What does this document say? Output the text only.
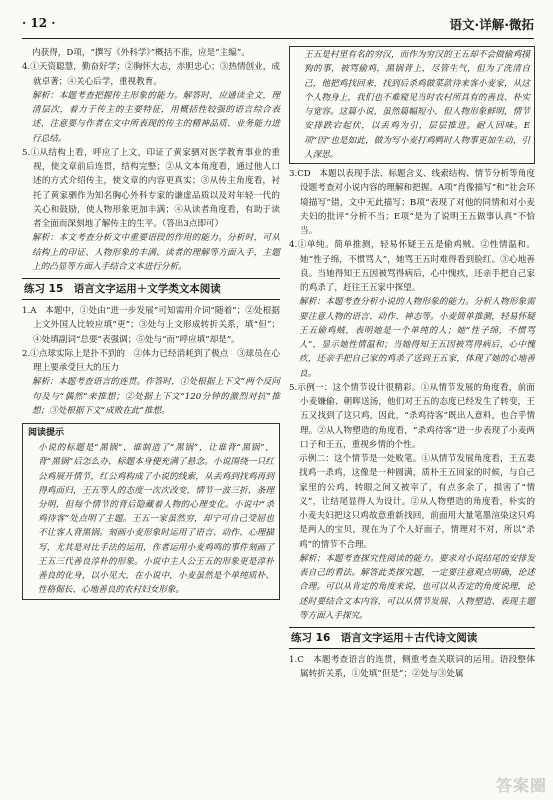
· 12 ·	语文·详解·微拓

内获得，D项，“撰写《外科学》”概括不准，应是“主编”。

4.①天资聪慧，勤奋好学；②胸怀大志，赤胆忠心；③热情创业，成就卓著；④关心后学，重视教育。

解析：本题考查把握传主形象的能力。解答时，应通读全文，理清层次，着力于传主的主要特征，用概括性较强的语言综合表述，注意要与作者在文中所表现的传主的精神品质、业务能力进行总结。

5.①从结构上看，呼应了上文，印证了黄家驷对医学教育事业的重视，使文章前后连贯，结构完整；②从文本角度看，通过他人口述的方式介绍传主，使文章的内容更真实；③从传主角度看，衬托了黄家驷作为知名胸心外科专家的谦虚品质以及对年轻一代的关心和鼓励，使人物形象更加丰满；④从读者角度看，有助于读者全面而深刻地了解传主的生平。（答出3点即可）

解析：本文考查分析文中重要语段的作用的能力。分析时，可从结构上的印证、人物形象的丰满、读者的理解等方面入手，主题上的凸显等方面入手结合文本进行分析。

练习 15　语言文字运用＋文学类文本阅读

1.A　本题中，①处由“进一步发展”可知需用介词“随着”；②处根据上文外国人比较应填“更”；③处与上文形成转折关系，填“但”；④处填副词“总要”表强调；⑤处与“而”呼应填“却是”。

2.①点球实际上是扑不到的　②体力已经消耗到了极点　③球员在心理上要承受巨大的压力

解析：本题考查语言的连贯。作答时，①处根据上下文“两个反问句及与“偶然”来推想；②处据上下文“120分钟的激烈对抗”推想；③处根据下文“成败在此”推想。

阅读提示

小说的标题是“黑锅”，谁制造了“黑锅”，让谁背“黑锅”，背“黑锅”后怎么办，标题本身便充满了悬念。小说围绕一只红公鸡展开情节，红公鸡构成了小说的线索，从丢鸡到找鸡再到得鸡而归，王五等人的态度一次次改变，情节一波三折，条理分明，但每个情节的背后隐藏着人物的心理变化。小说中“杀鸡待客”处点明了主题。王五一家虽然穷，却宁可自己受屈也不让客人背黑锅。刻画小麦形象时运用了语言、动作、心理描写，尤其是对比手法的运用，作者运用小麦鸡鸣的事件刻画了王五三代善良淳朴的形象。小说中主人公王五的形象更是淳朴善良的化身，以小见大，在小说中，小麦虽然是个单纯质朴、性格倔长、心地善良的农村妇女形象。

王五是村里有名的穷汉，而作为穷汉的王五却不会做偷鸡摸狗的事，被骂偷鸡，黑锅背上，尽管生气，但为了洗清自己，他把鸡找回来，找到后杀鸡做菜款待来客小麦家，从这个人物身上，我们也不难窥见当时农村所具有的善良、朴实与宽容。这篇小说，虽然篇幅短小，但人物形象鲜明，情节安排跌宕起伏，以丢鸡为引，层层推进。耐人回味。E项“因”也是如此，做为写小麦打鸡鸭时人物事更加生动，引人深思。

3.CD　本题以表现手法、标题含义、线索结构、情节分析等角度设题考查对小说内容的理解和把握。A项“肖像描写”和“社会环境描写”错，文中无此描写；B项“表现了对他的同情和对小麦夫妇的批评”分析不当；E项“是为了说明王五做事认真”不恰当。

4.①单纯。简单推测，轻易怀疑王五是偷鸡贼。②性情温和。她“性子绵，不惯骂人”，她骂王五时难得看到脸红。③心地善良。当她得知王五因被骂得病后，心中愧疚，还亲手把自己家的鸡杀了，赶往王五家中探望。

解析：本题考查分析小说的人物形象的能力。分析人物形象需要注意人物的语言、动作、神态等。小麦简单推测，轻易怀疑王五偷鸡贼，表明她是一个单纯的人；她“性子绵，不惯骂人”，显示她性情温和；当她得知王五因被骂得病后，心中愧疚，还亲手把自己家的鸡杀了送到王五家，体现了她的心地善良。

5.示例一：这个情节设计很精彩。①从情节发展的角度看，前面小麦嫌偷、朝晖送汤，他们对王五的态度已经发生了转变，王五又找到了这只鸡，因此，“杀鸡待客”既出人意料，也合乎情理。②从人物塑造的角度看，“杀鸡待客”进一步表现了小麦两口子和王五，重视乡情的个性。

示例二：这个情节是一处败笔。①从情节发展角度看，王五妻找鸡一杀鸡，这像是一种圆满，质朴王五回家的时候，与自己家里的公鸡，转眼之间又被宰了，有点多余了，损害了“情义”，让结尾显得人为设计。②从人物塑造的角度看，朴实的小麦夫妇把这只鸡故意重新找回，前面用大量笔墨渲染这只鸡是两人的宝贝，现在为了个人好面子，情理对不对，所以“杀鸡”的情节不合理。

解析：本题考查探究性阅读的能力。要求对小说结尾的安排发表自己的看法。解答此类探究题，一定要注意观点明确，论述合理。可以从肯定的角度来说，也可以从否定的角度说理，论述时要结合文本内容，可以从情节发展、人物塑造、表现主题等方面入手探究。

练习 16　语言文字运用＋古代诗文阅读

1.C　本题考查语言的连贯，侧重考查关联词的运用。语段整体属转折关系，①处填“但是”；②处与③处属

答案圈
